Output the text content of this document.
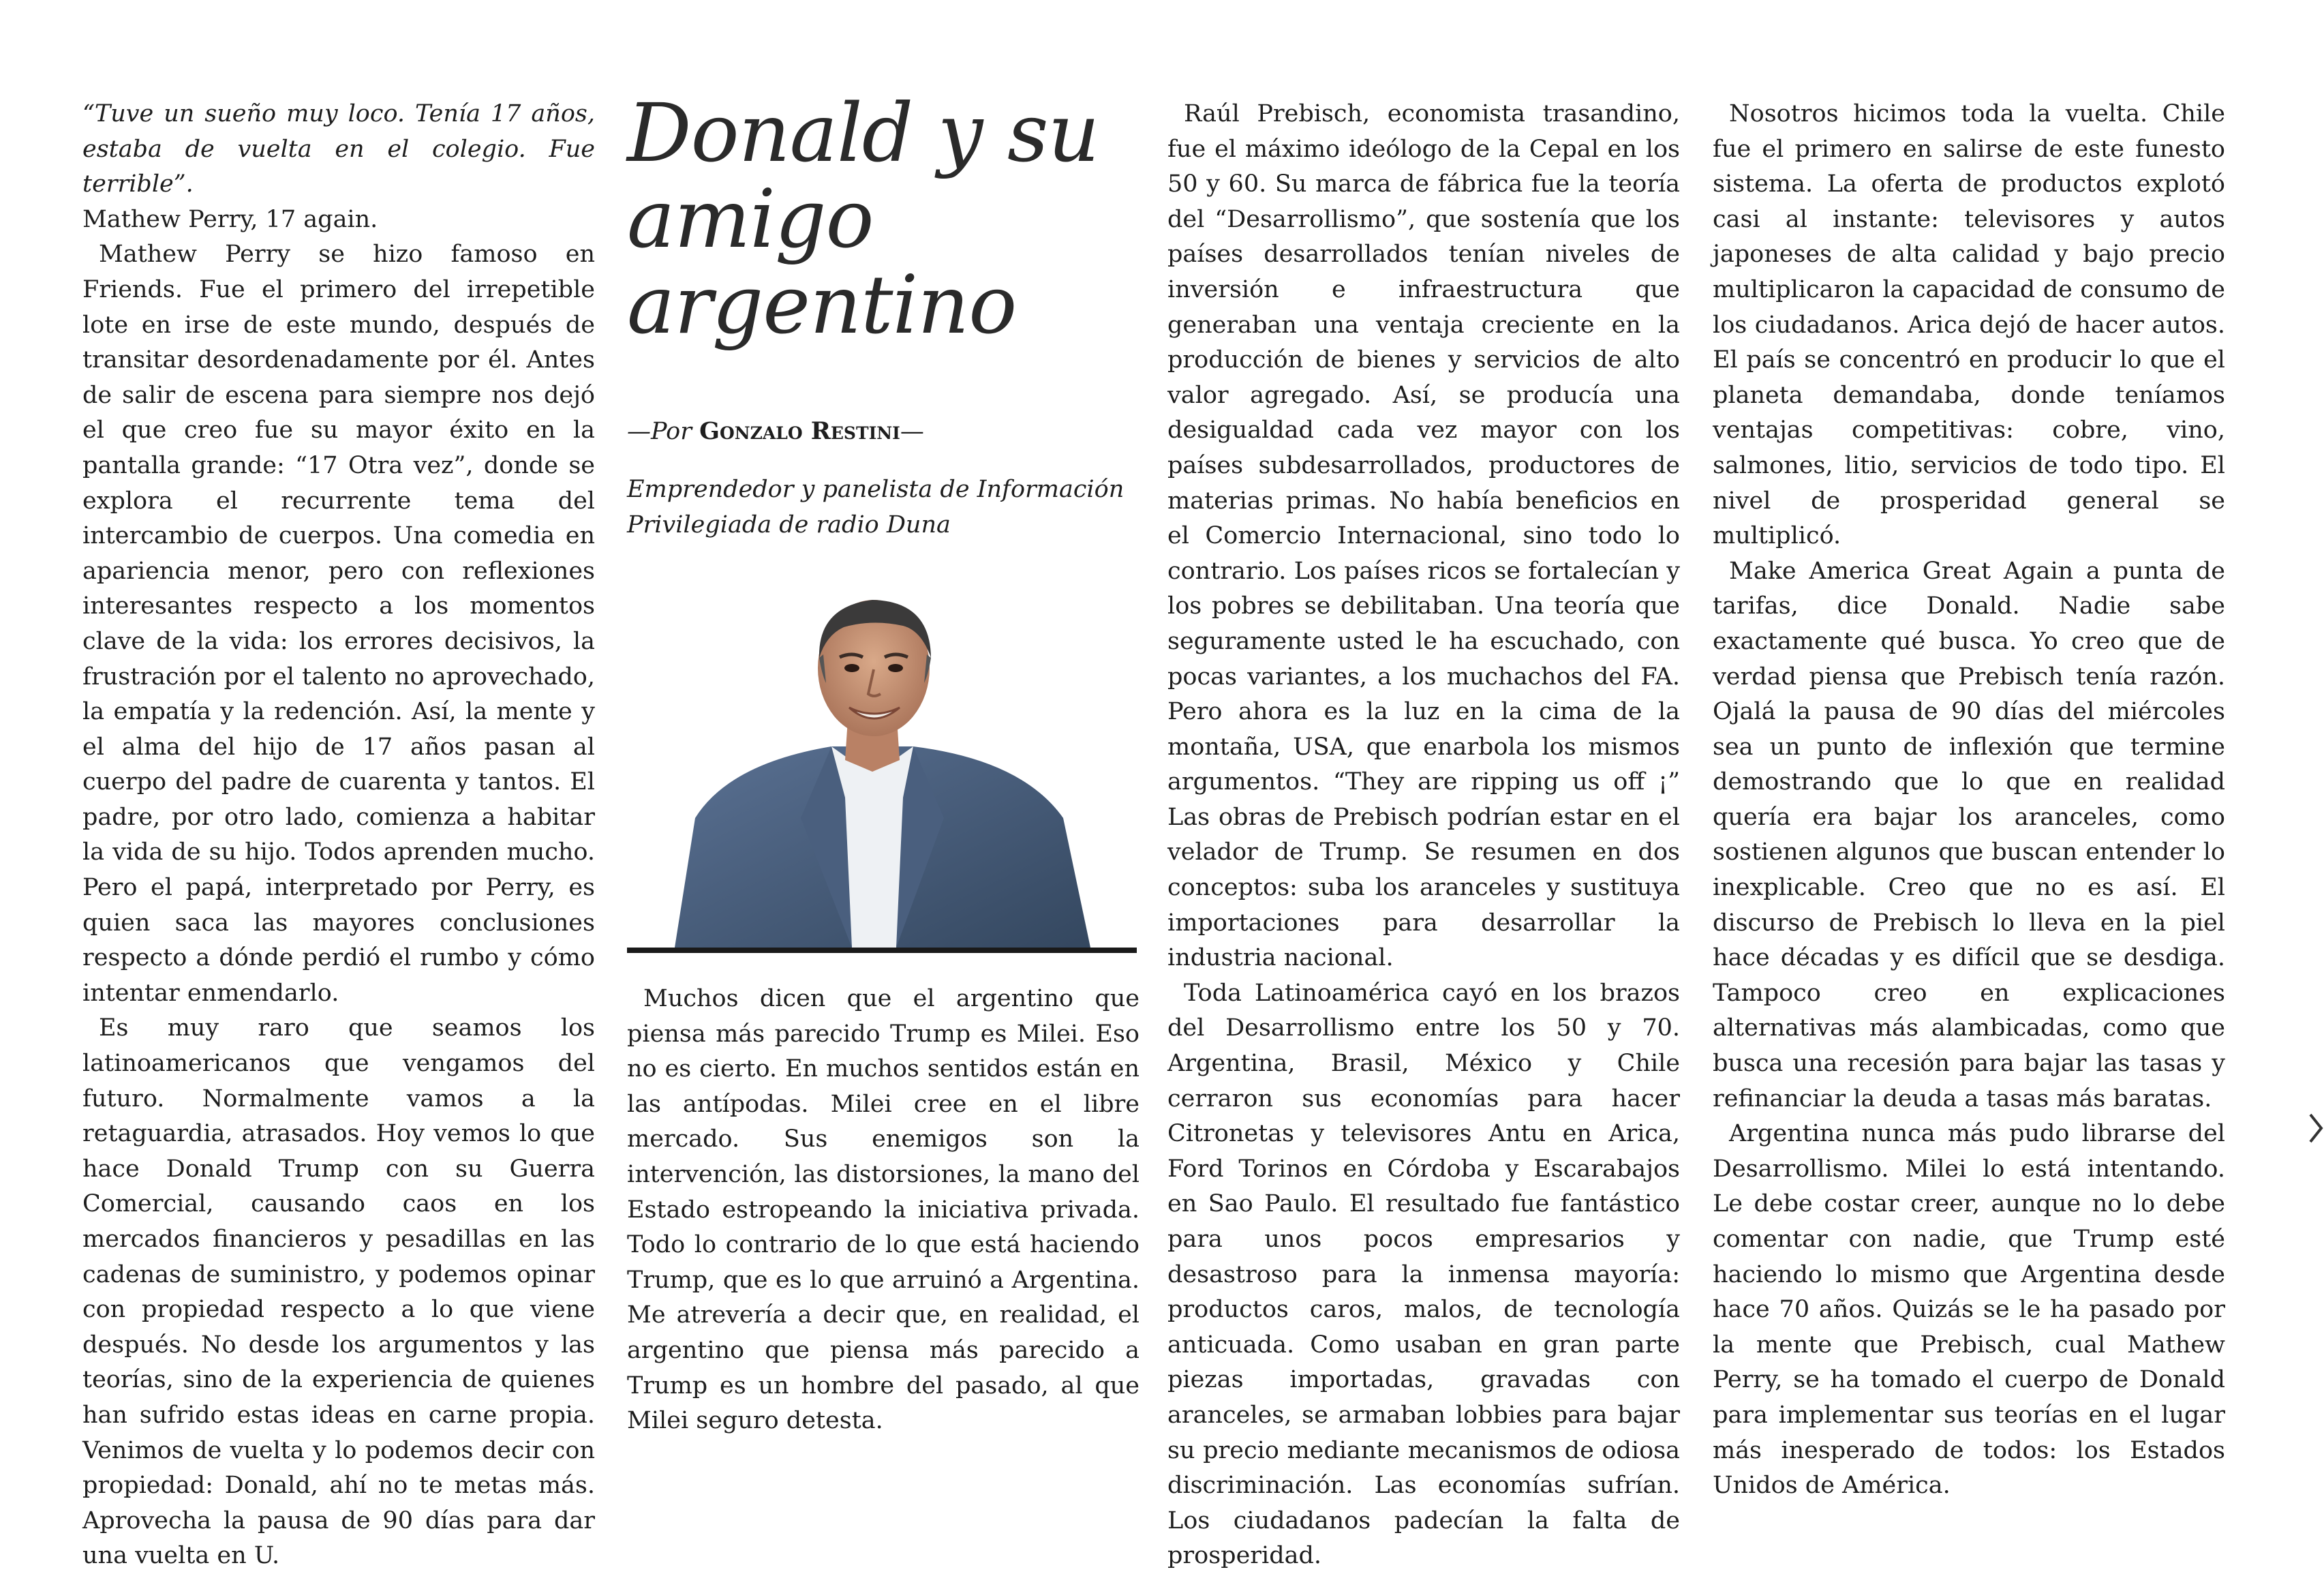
“Tuve un sueño muy loco. Tenía 17 años, estaba de vuelta en el colegio. Fue terrible”.

Mathew Perry, 17 again.

Mathew Perry se hizo famoso en Friends. Fue el primero del irrepetible lote en irse de este mundo, después de transitar desordenadamente por él. Antes de salir de escena para siempre nos dejó el que creo fue su mayor éxito en la pantalla grande: “17 Otra vez”, donde se explora el recurrente tema del intercambio de cuerpos. Una comedia en apariencia menor, pero con reflexiones interesantes respecto a los momentos clave de la vida: los errores decisivos, la frustración por el talento no aprovechado, la empatía y la redención. Así, la mente y el alma del hijo de 17 años pasan al cuerpo del padre de cuarenta y tantos. El padre, por otro lado, comienza a habitar la vida de su hijo. Todos aprenden mucho. Pero el papá, interpretado por Perry, es quien saca las mayores conclusiones respecto a dónde perdió el rumbo y cómo intentar enmendarlo.

Es muy raro que seamos los latinoamericanos que vengamos del futuro. Normalmente vamos a la retaguardia, atrasados. Hoy vemos lo que hace Donald Trump con su Guerra Comercial, causando caos en los mercados financieros y pesadillas en las cadenas de suministro, y podemos opinar con propiedad respecto a lo que viene después. No desde los argumentos y las teorías, sino de la experiencia de quienes han sufrido estas ideas en carne propia. Venimos de vuelta y lo podemos decir con propiedad: Donald, ahí no te metas más. Aprovecha la pausa de 90 días para dar una vuelta en U.

Donald y su amigo argentino
—Por Gonzalo Restini—
Emprendedor y panelista de Información Privilegiada de radio Duna

Muchos dicen que el argentino que piensa más parecido Trump es Milei. Eso no es cierto. En muchos sentidos están en las antípodas. Milei cree en el libre mercado. Sus enemigos son la intervención, las distorsiones, la mano del Estado estropeando la iniciativa privada. Todo lo contrario de lo que está haciendo Trump, que es lo que arruinó a Argentina. Me atrevería a decir que, en realidad, el argentino que piensa más parecido a Trump es un hombre del pasado, al que Milei seguro detesta.

Raúl Prebisch, economista trasandino, fue el máximo ideólogo de la Cepal en los 50 y 60. Su marca de fábrica fue la teoría del “Desarrollismo”, que sostenía que los países desarrollados tenían niveles de inversión e infraestructura que generaban una ventaja creciente en la producción de bienes y servicios de alto valor agregado. Así, se producía una desigualdad cada vez mayor con los países subdesarrollados, productores de materias primas. No había beneficios en el Comercio Internacional, sino todo lo contrario. Los países ricos se fortalecían y los pobres se debilitaban. Una teoría que seguramente usted le ha escuchado, con pocas variantes, a los muchachos del FA. Pero ahora es la luz en la cima de la montaña, USA, que enarbola los mismos argumentos. “They are ripping us off ¡” Las obras de Prebisch podrían estar en el velador de Trump. Se resumen en dos conceptos: suba los aranceles y sustituya importaciones para desarrollar la industria nacional.

Toda Latinoamérica cayó en los brazos del Desarrollismo entre los 50 y 70. Argentina, Brasil, México y Chile cerraron sus economías para hacer Citronetas y televisores Antu en Arica, Ford Torinos en Córdoba y Escarabajos en Sao Paulo. El resultado fue fantástico para unos pocos empresarios y desastroso para la inmensa mayoría: productos caros, malos, de tecnología anticuada. Como usaban en gran parte piezas importadas, gravadas con aranceles, se armaban lobbies para bajar su precio mediante mecanismos de odiosa discriminación. Las economías sufrían. Los ciudadanos padecían la falta de prosperidad.

Nosotros hicimos toda la vuelta. Chile fue el primero en salirse de este funesto sistema. La oferta de productos explotó casi al instante: televisores y autos japoneses de alta calidad y bajo precio multiplicaron la capacidad de consumo de los ciudadanos. Arica dejó de hacer autos. El país se concentró en producir lo que el planeta demandaba, donde teníamos ventajas competitivas: cobre, vino, salmones, litio, servicios de todo tipo. El nivel de prosperidad general se multiplicó.

Make America Great Again a punta de tarifas, dice Donald. Nadie sabe exactamente qué busca. Yo creo que de verdad piensa que Prebisch tenía razón. Ojalá la pausa de 90 días del miércoles sea un punto de inflexión que termine demostrando que lo que en realidad quería era bajar los aranceles, como sostienen algunos que buscan entender lo inexplicable. Creo que no es así. El discurso de Prebisch lo lleva en la piel hace décadas y es difícil que se desdiga. Tampoco creo en explicaciones alternativas más alambicadas, como que busca una recesión para bajar las tasas y refinanciar la deuda a tasas más baratas.

Argentina nunca más pudo librarse del Desarrollismo. Milei lo está intentando. Le debe costar creer, aunque no lo debe comentar con nadie, que Trump esté haciendo lo mismo que Argentina desde hace 70 años. Quizás se le ha pasado por la mente que Prebisch, cual Mathew Perry, se ha tomado el cuerpo de Donald para implementar sus teorías en el lugar más inesperado de todos: los Estados Unidos de América.
